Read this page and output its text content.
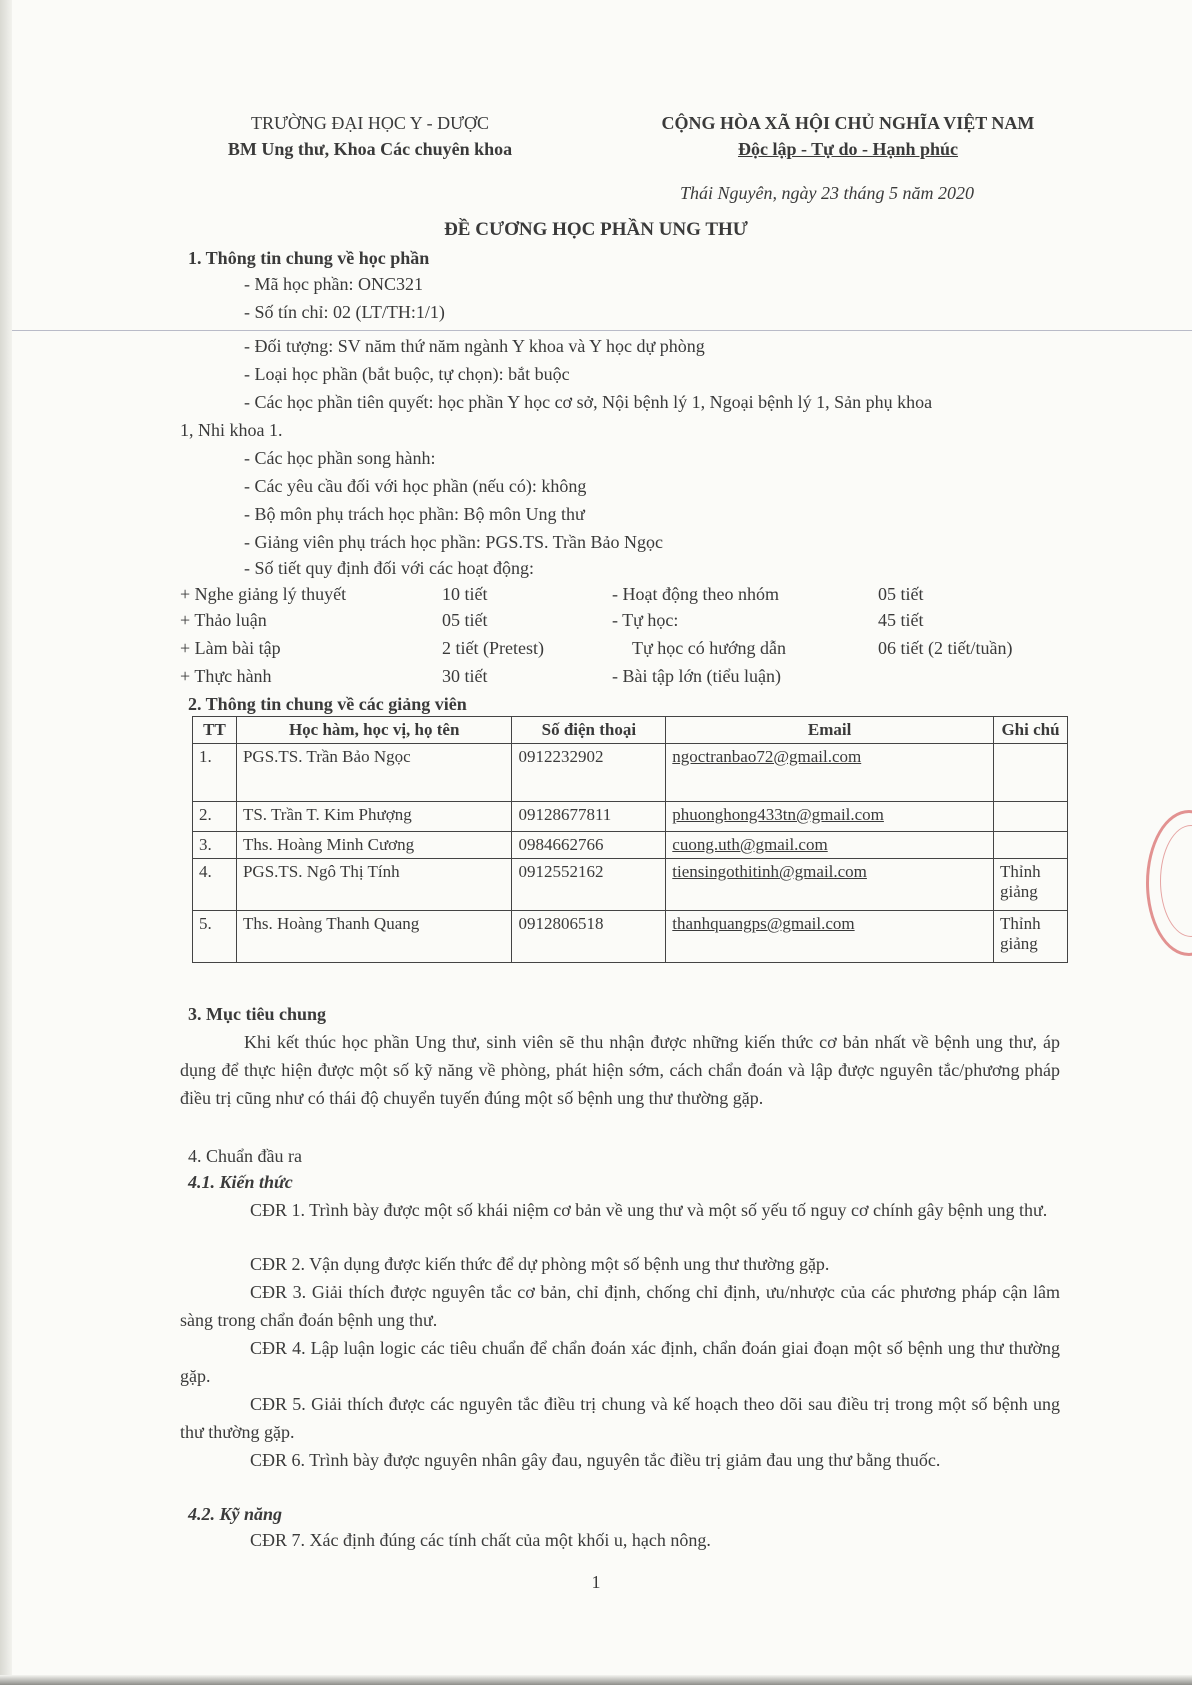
TRƯỜNG ĐẠI HỌC Y - DƯỢC
BM Ung thư, Khoa Các chuyên khoa
CỘNG HÒA XÃ HỘI CHỦ NGHĨA VIỆT NAM
Độc lập - Tự do - Hạnh phúc
Thái Nguyên, ngày 23 tháng 5 năm 2020
ĐỀ CƯƠNG HỌC PHẦN UNG THƯ
1. Thông tin chung về học phần
- Mã học phần: ONC321
- Số tín chỉ: 02 (LT/TH:1/1)
- Đối tượng: SV năm thứ năm ngành Y khoa và Y học dự phòng
- Loại học phần (bắt buộc, tự chọn): bắt buộc
- Các học phần tiên quyết: học phần Y học cơ sở, Nội bệnh lý 1, Ngoại bệnh lý 1, Sản phụ khoa
1, Nhi khoa 1.
- Các học phần song hành:
- Các yêu cầu đối với học phần (nếu có): không
- Bộ môn phụ trách học phần: Bộ môn Ung thư
- Giảng viên phụ trách học phần: PGS.TS. Trần Bảo Ngọc
- Số tiết quy định đối với các hoạt động:
+ Nghe giảng lý thuyết	10 tiết	- Hoạt động theo nhóm	05 tiết
+ Thảo luận	05 tiết	- Tự học:	45 tiết
+ Làm bài tập	2 tiết (Pretest)	Tự học có hướng dẫn	06 tiết (2 tiết/tuần)
+ Thực hành	30 tiết	- Bài tập lớn (tiểu luận)
2. Thông tin chung về các giảng viên
TT	Học hàm, học vị, họ tên	Số điện thoại	Email	Ghi chú
1.	PGS.TS. Trần Bảo Ngọc	0912232902	ngoctranbao72@gmail.com	
2.	TS. Trần T. Kim Phượng	09128677811	phuonghong433tn@gmail.com	
3.	Ths. Hoàng Minh Cương	0984662766	cuong.uth@gmail.com	
4.	PGS.TS. Ngô Thị Tính	0912552162	tiensingothitinh@gmail.com	Thỉnh giảng
5.	Ths. Hoàng Thanh Quang	0912806518	thanhquangps@gmail.com	Thỉnh giảng
3. Mục tiêu chung
Khi kết thúc học phần Ung thư, sinh viên sẽ thu nhận được những kiến thức cơ bản nhất về bệnh ung thư, áp dụng để thực hiện được một số kỹ năng về phòng, phát hiện sớm, cách chẩn đoán và lập được nguyên tắc/phương pháp điều trị cũng như có thái độ chuyển tuyến đúng một số bệnh ung thư thường gặp.
4. Chuẩn đầu ra
4.1. Kiến thức
CĐR 1. Trình bày được một số khái niệm cơ bản về ung thư và một số yếu tố nguy cơ chính gây bệnh ung thư.
CĐR 2. Vận dụng được kiến thức để dự phòng một số bệnh ung thư thường gặp.
CĐR 3. Giải thích được nguyên tắc cơ bản, chỉ định, chống chỉ định, ưu/nhược của các phương pháp cận lâm sàng trong chẩn đoán bệnh ung thư.
CĐR 4. Lập luận logic các tiêu chuẩn để chẩn đoán xác định, chẩn đoán giai đoạn một số bệnh ung thư thường gặp.
CĐR 5. Giải thích được các nguyên tắc điều trị chung và kế hoạch theo dõi sau điều trị trong một số bệnh ung thư thường gặp.
CĐR 6. Trình bày được nguyên nhân gây đau, nguyên tắc điều trị giảm đau ung thư bằng thuốc.
4.2. Kỹ năng
CĐR 7. Xác định đúng các tính chất của một khối u, hạch nông.
1
